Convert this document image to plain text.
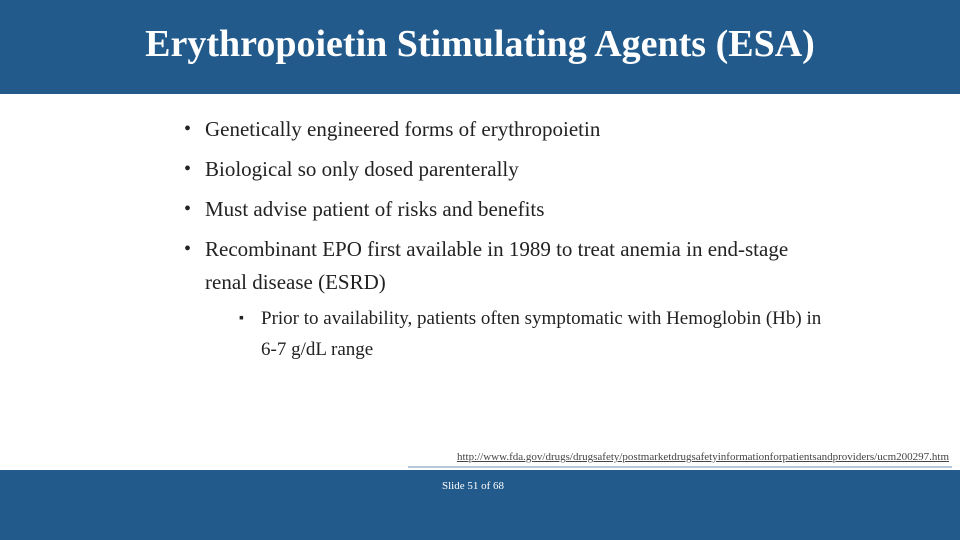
Erythropoietin Stimulating Agents (ESA)
• Genetically engineered forms of erythropoietin
• Biological so only dosed parenterally
• Must advise patient of risks and benefits
• Recombinant EPO first available in 1989 to treat anemia in end-stage renal disease (ESRD)
▪ Prior to availability, patients often symptomatic with Hemoglobin (Hb) in 6-7 g/dL range
http://www.fda.gov/drugs/drugsafety/postmarketdrugsafetyinformationforpatientsandproviders/ucm200297.htm
Slide 51 of 68
